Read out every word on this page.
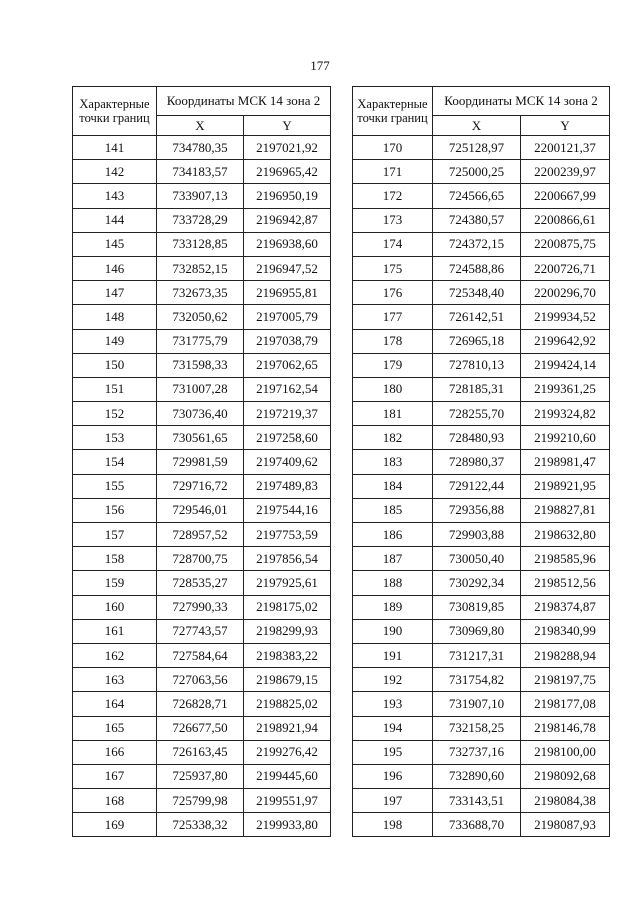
177
Характерные
точки границ	Координаты МСК 14 зона 2	
	X	Y
141	734780,35	2197021,92
142	734183,57	2196965,42
143	733907,13	2196950,19
144	733728,29	2196942,87
145	733128,85	2196938,60
146	732852,15	2196947,52
147	732673,35	2196955,81
148	732050,62	2197005,79
149	731775,79	2197038,79
150	731598,33	2197062,65
151	731007,28	2197162,54
152	730736,40	2197219,37
153	730561,65	2197258,60
154	729981,59	2197409,62
155	729716,72	2197489,83
156	729546,01	2197544,16
157	728957,52	2197753,59
158	728700,75	2197856,54
159	728535,27	2197925,61
160	727990,33	2198175,02
161	727743,57	2198299,93
162	727584,64	2198383,22
163	727063,56	2198679,15
164	726828,71	2198825,02
165	726677,50	2198921,94
166	726163,45	2199276,42
167	725937,80	2199445,60
168	725799,98	2199551,97
169	725338,32	2199933,80
Характерные
точки границ	Координаты МСК 14 зона 2	
	X	Y
170	725128,97	2200121,37
171	725000,25	2200239,97
172	724566,65	2200667,99
173	724380,57	2200866,61
174	724372,15	2200875,75
175	724588,86	2200726,71
176	725348,40	2200296,70
177	726142,51	2199934,52
178	726965,18	2199642,92
179	727810,13	2199424,14
180	728185,31	2199361,25
181	728255,70	2199324,82
182	728480,93	2199210,60
183	728980,37	2198981,47
184	729122,44	2198921,95
185	729356,88	2198827,81
186	729903,88	2198632,80
187	730050,40	2198585,96
188	730292,34	2198512,56
189	730819,85	2198374,87
190	730969,80	2198340,99
191	731217,31	2198288,94
192	731754,82	2198197,75
193	731907,10	2198177,08
194	732158,25	2198146,78
195	732737,16	2198100,00
196	732890,60	2198092,68
197	733143,51	2198084,38
198	733688,70	2198087,93
